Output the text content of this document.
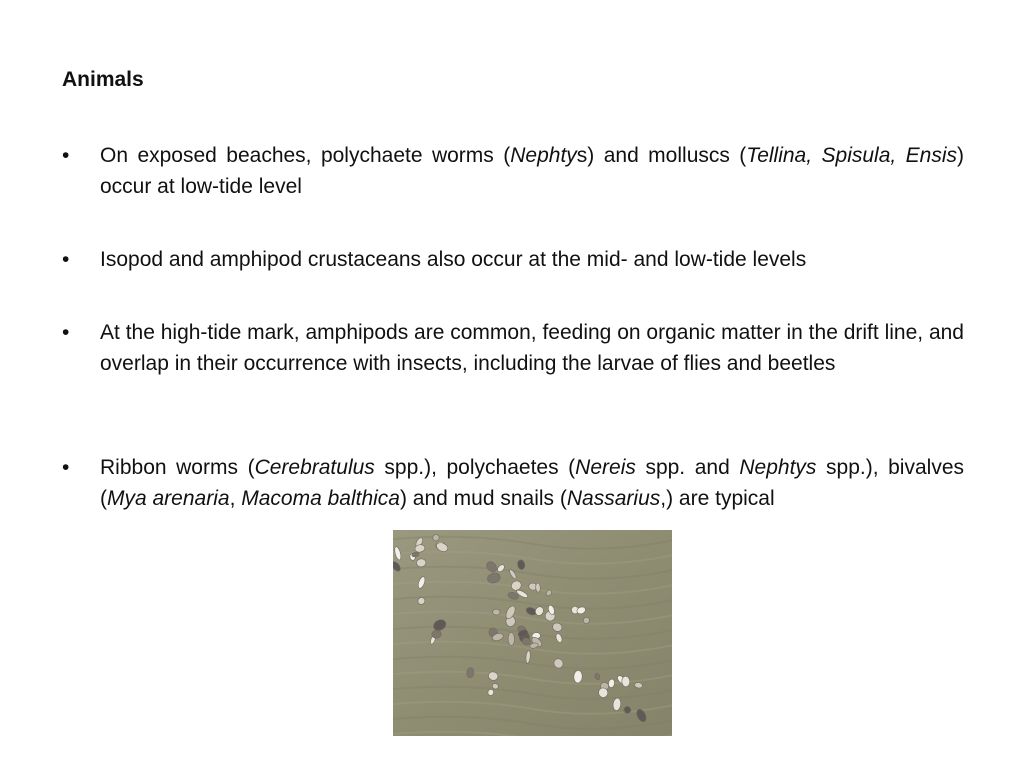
Animals
•	On exposed beaches, polychaete worms (Nephtys) and molluscs (Tellina, Spisula, Ensis) occur at low-tide level
•	Isopod and amphipod crustaceans also occur at the mid- and low-tide levels
•	At the high-tide mark, amphipods are common, feeding on organic matter in the drift line, and overlap in their occurrence with insects, including the larvae of flies and beetles
•	Ribbon worms (Cerebratulus spp.), polychaetes (Nereis spp. and Nephtys spp.), bivalves (Mya arenaria, Macoma balthica) and mud snails (Nassarius,) are typical
